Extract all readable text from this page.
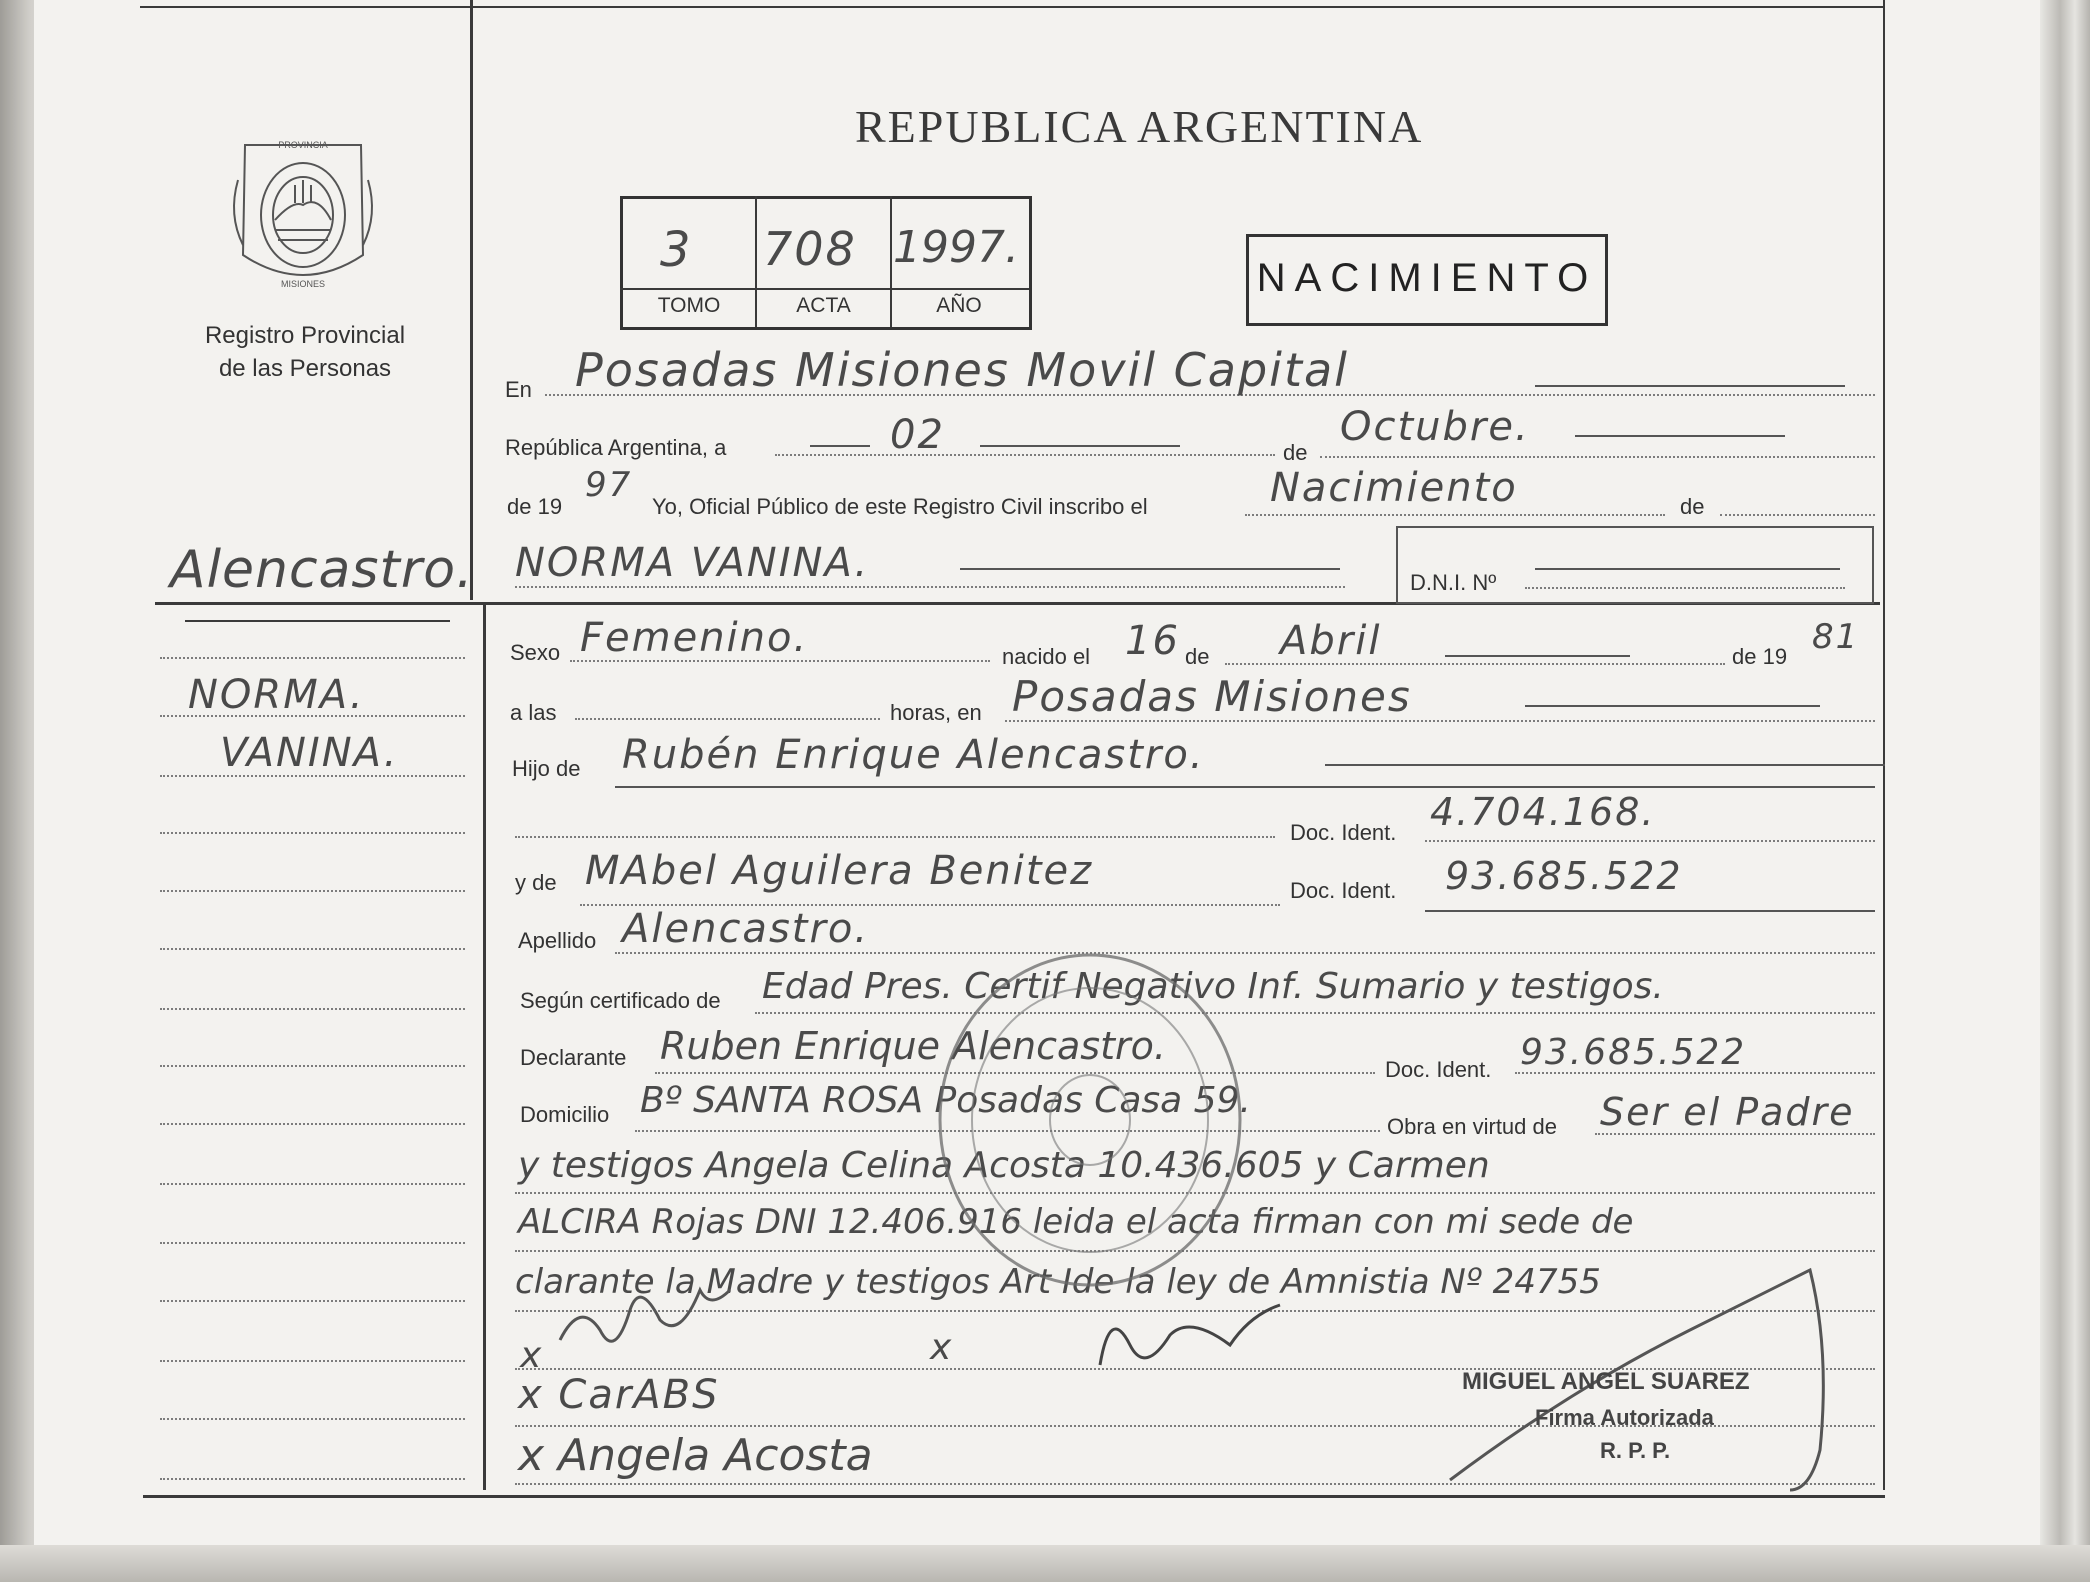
PROVINCIA
MISIONES
Registro Provincial
de las Personas
REPUBLICA ARGENTINA
3 708 1997.
TOMO	ACTA	AÑO
NACIMIENTO
En Posadas Misiones Movil Capital
República Argentina, a	02	de
Octubre.
de 19
97
Yo, Oficial Público de este Registro Civil inscribo el	Nacimiento	de
NORMA VANINA.	D.N.I. Nº
Alencastro.
NORMA.
VANINA.
Sexo Femenino.	nacido el 16 de Abril	de 19 81
a las	horas, en Posadas Misiones
Hijo de Rubén Enrique Alencastro.
Doc. Ident. 4.704.168.
y de MAbel Aguilera Benitez	Doc. Ident. 93.685.522
Apellido Alencastro.
Según certificado de Edad Pres. Certif Negativo Inf. Sumario y testigos.
Declarante Ruben Enrique Alencastro.
Doc. Ident. 93.685.522
Domicilio Bº SANTA ROSA Posadas Casa 59.
Obra en virtud de Ser el Padre
y testigos Angela Celina Acosta 10.436.605 y Carmen
ALCIRA Rojas DNI 12.406.916 leida el acta firman con mi sede de
clarante la Madre y testigos Art Ide la ley de Amnistia Nº 24755
x	x
x CarABS
x Angela Acosta
MIGUEL ANGEL SUAREZ
Firma Autorizada
R. P. P.
